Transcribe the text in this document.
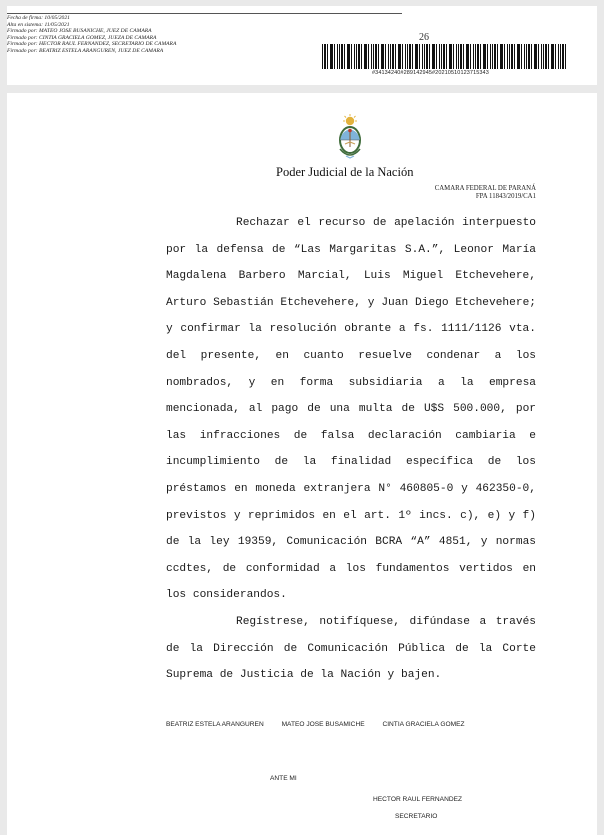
Fecha de firma: 10/05/2021
Alta en sistema: 11/05/2021
Firmado por: MATEO JOSE BUSANICHE, JUEZ DE CAMARA
Firmado por: CINTIA GRACIELA GOMEZ, JUEZA DE CAMARA
Firmado por: HECTOR RAUL FERNANDEZ, SECRETARIO DE CAMARA
Firmado por: BEATRIZ ESTELA ARANGUREN, JUEZ DE CAMARA
26
#34134240#289142945#20210510123715343
Poder Judicial de la Nación
CAMARA FEDERAL DE PARANÁ
FPA 11843/2019/CA1

Rechazar el recurso de apelación interpuesto por la defensa de “Las Margaritas S.A.”, Leonor María Magdalena Barbero Marcial, Luis Miguel Etchevehere, Arturo Sebastián Etchevehere, y Juan Diego Etchevehere; y confirmar la resolución obrante a fs. 1111/1126 vta. del presente, en cuanto resuelve condenar a los nombrados, y en forma subsidiaria a la empresa mencionada, al pago de una multa de U$S 500.000, por las infracciones de falsa declaración cambiaria e incumplimiento de la finalidad específica de los préstamos en moneda extranjera N° 460805-0 y 462350-0, previstos y reprimidos en el art. 1º incs. c), e) y f) de la ley 19359, Comunicación BCRA “A” 4851, y normas ccdtes, de conformidad a los fundamentos vertidos en los considerandos.

Regístrese, notifíquese, difúndase a través de la Dirección de Comunicación Pública de la Corte Suprema de Justicia de la Nación y bajen.

BEATRIZ ESTELA ARANGUREN	MATEO JOSE BUSAMICHE	CINTIA GRACIELA GOMEZ
ANTE MI
HECTOR RAUL FERNANDEZ
SECRETARIO
